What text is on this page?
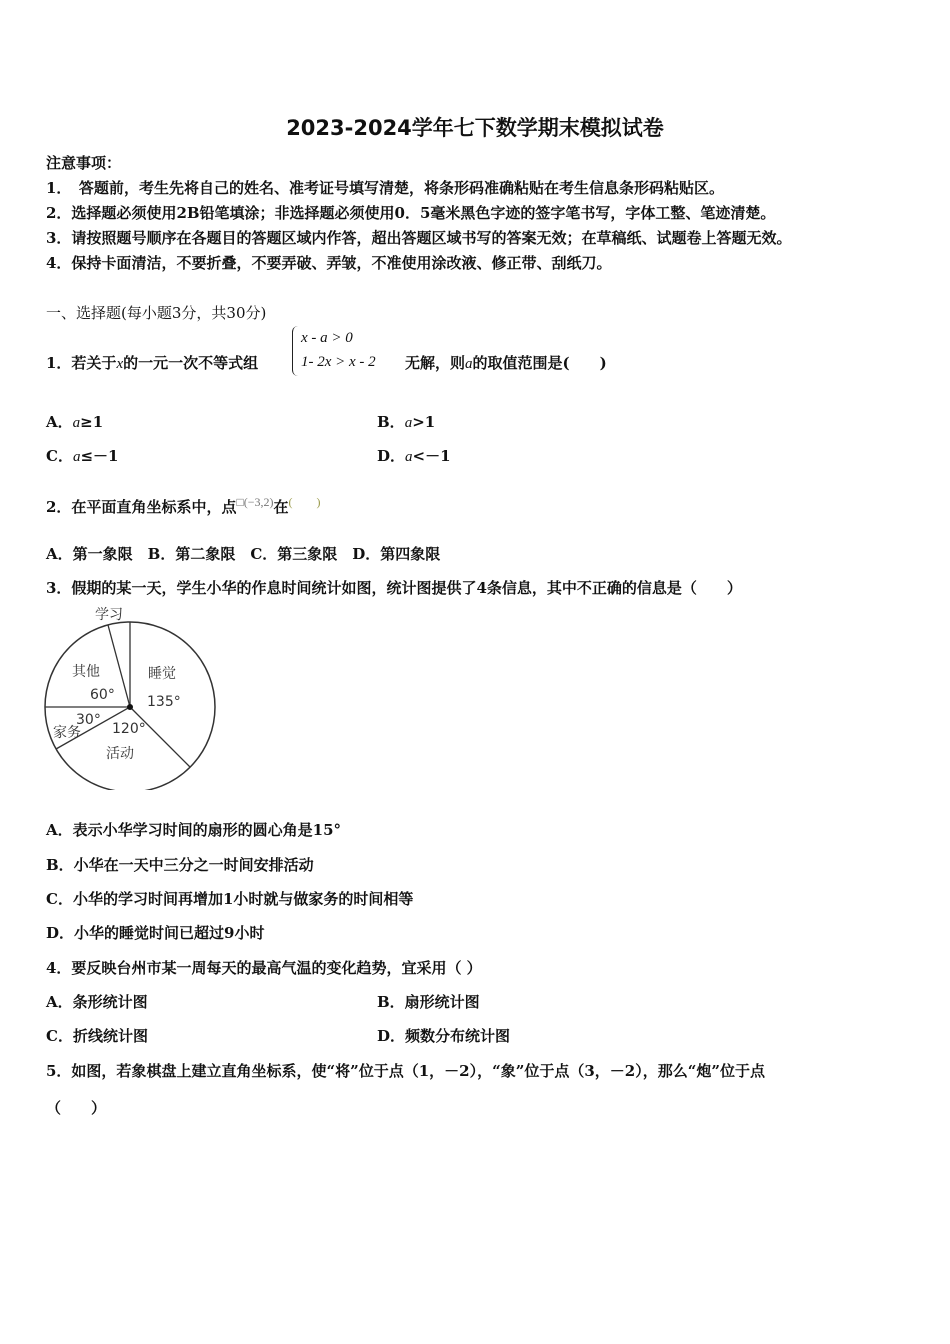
2023-2024学年七下数学期末模拟试卷
注意事项：
1．　答题前，考生先将自己的姓名、准考证号填写清楚，将条形码准确粘贴在考生信息条形码粘贴区。
2．选择题必须使用2B铅笔填涂；非选择题必须使用0．5毫米黑色字迹的签字笔书写，字体工整、笔迹清楚。
3．请按照题号顺序在各题目的答题区域内作答，超出答题区域书写的答案无效；在草稿纸、试题卷上答题无效。
4．保持卡面清洁，不要折叠，不要弄破、弄皱，不准使用涂改液、修正带、刮纸刀。
一、选择题(每小题3分，共30分)
1．若关于x的一元一次不等式组
x - a > 0
1- 2x > x - 2 无解，则a的取值范围是(　　)
A．a≥1	B．a>1
C．a≤－1	D．a<－1
2．在平面直角坐标系中，点$^{□(-3,2)}$在(　　)
A．第一象限　B．第二象限　C．第三象限　D．第四象限
3．假期的某一天，学生小华的作息时间统计如图，统计图提供了4条信息，其中不正确的信息是（　　）
学习
其他
60°
睡觉
135°
30°
家务 120°
活动
A．表示小华学习时间的扇形的圆心角是15°
B．小华在一天中三分之一时间安排活动
C．小华的学习时间再增加1小时就与做家务的时间相等
D．小华的睡觉时间已超过9小时
4．要反映台州市某一周每天的最高气温的变化趋势，宜采用（ ）
A．条形统计图	B．扇形统计图
C．折线统计图	D．频数分布统计图
5．如图，若象棋盘上建立直角坐标系，使“将”位于点（1，－2），“象”位于点（3，－2），那么“炮”位于点
（　　）
